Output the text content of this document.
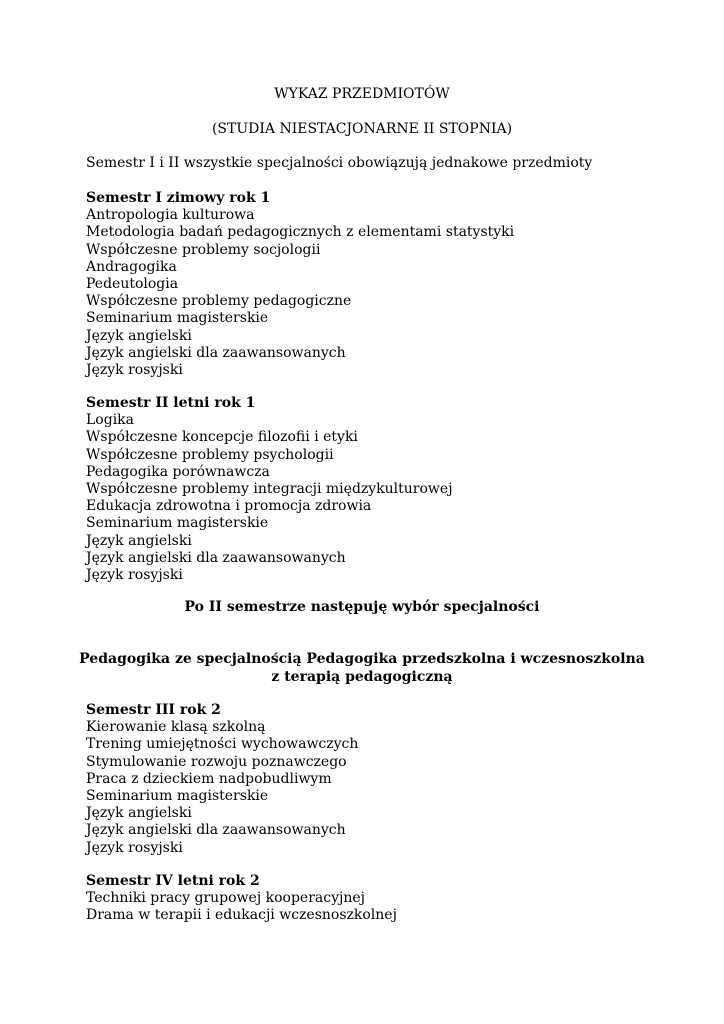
WYKAZ PRZEDMIOTÓW
(STUDIA NIESTACJONARNE II STOPNIA)
Semestr I i II wszystkie specjalności obowiązują jednakowe przedmioty
Semestr I zimowy rok 1
Antropologia kulturowa
Metodologia badań pedagogicznych z elementami statystyki
Współczesne problemy socjologii
Andragogika
Pedeutologia
Współczesne problemy pedagogiczne
Seminarium magisterskie
Język angielski
Język angielski dla zaawansowanych
Język rosyjski
Semestr II letni rok 1
Logika
Współczesne koncepcje filozofii i etyki
Współczesne problemy psychologii
Pedagogika porównawcza
Współczesne problemy integracji międzykulturowej
Edukacja zdrowotna i promocja zdrowia
Seminarium magisterskie
Język angielski
Język angielski dla zaawansowanych
Język rosyjski
Po II semestrze następuję wybór specjalności
Pedagogika ze specjalnością Pedagogika przedszkolna i wczesnoszkolna
z terapią pedagogiczną
Semestr III rok 2
Kierowanie klasą szkolną
Trening umiejętności wychowawczych
Stymulowanie rozwoju poznawczego
Praca z dzieckiem nadpobudliwym
Seminarium magisterskie
Język angielski
Język angielski dla zaawansowanych
Język rosyjski
Semestr IV letni rok 2
Techniki pracy grupowej kooperacyjnej
Drama w terapii i edukacji wczesnoszkolnej
